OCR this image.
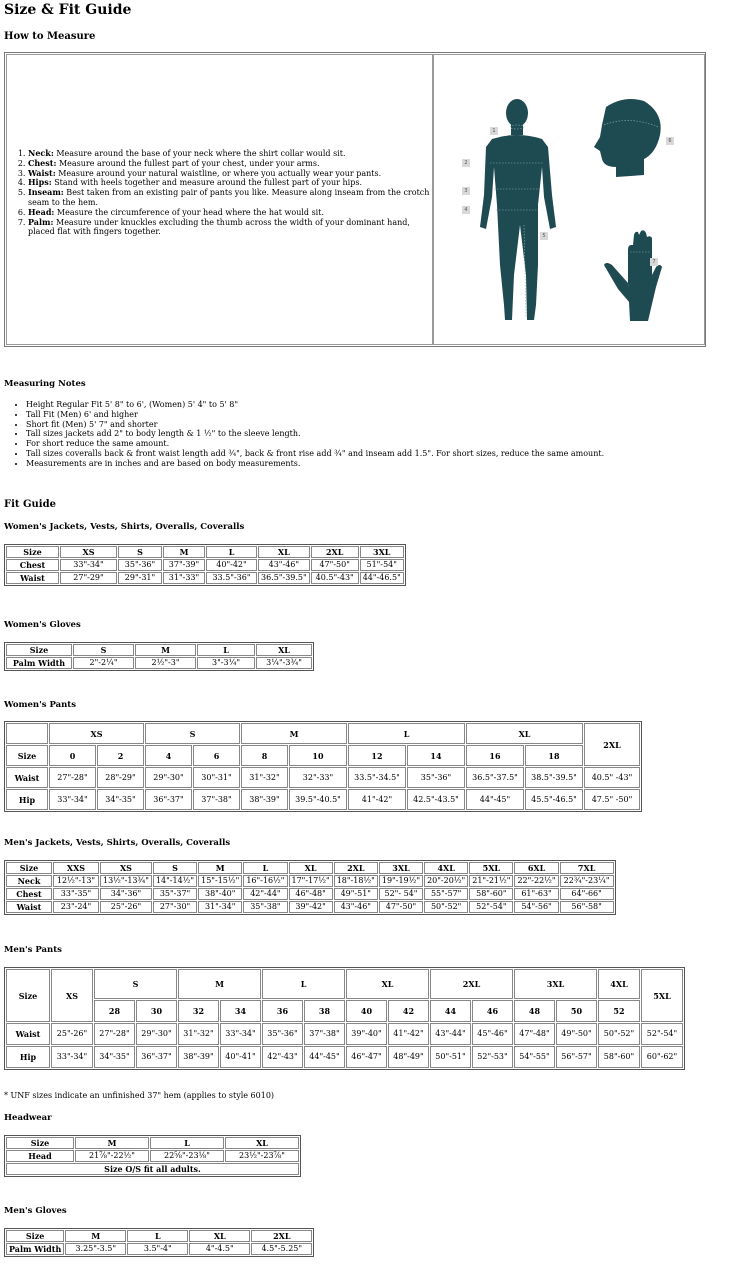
Size & Fit Guide
How to Measure
1
2
3
4
5
6
7
1. Neck: Measure around the base of your neck where the shirt collar would sit.
2. Chest: Measure around the fullest part of your chest, under your arms.
3. Waist: Measure around your natural waistline, or where you actually wear your pants.
4. Hips: Stand with heels together and measure around the fullest part of your hips.
5. Inseam: Best taken from an existing pair of pants you like. Measure along inseam from the crotch seam to the hem.
6. Head: Measure the circumference of your head where the hat would sit.
7. Palm: Measure under knuckles excluding the thumb across the width of your dominant hand, placed flat with fingers together.
Measuring Notes
• Height Regular Fit 5' 8" to 6', (Women) 5' 4" to 5' 8"
• Tall Fit (Men) 6' and higher
• Short fit (Men) 5' 7" and shorter
• Tall sizes jackets add 2" to body length & 1 ½" to the sleeve length.
• For short reduce the same amount.
• Tall sizes coveralls back & front waist length add ¾", back & front rise add ¾" and inseam add 1.5". For short sizes, reduce the same amount.
• Measurements are in inches and are based on body measurements.
Fit Guide
Women's Jackets, Vests, Shirts, Overalls, Coveralls
Size	XS	S	M	L	XL	2XL	3XL
Chest	33"-34"	35"-36"	37"-39"	40"-42"	43"-46"	47"-50"	51"-54"
Waist	27"-29"	29"-31"	31"-33"	33.5"-36"	36.5"-39.5"	40.5"-43"	44"-46.5"
Women's Gloves
Size	S	M	L	XL
Palm Width	2"-2¼"	2½"-3"	3"-3¼"	3¼"-3¾"
Women's Pants
	XS		S		M		L		XL		2XL
Size	0	2	4	6	8	10	12	14	16	18	
Waist	27"-28"	28"-29"	29"-30"	30"-31"	31"-32"	32"-33"	33.5"-34.5"	35"-36"	36.5"-37.5"	38.5"-39.5"	40.5" -43"
Hip	33"-34"	34"-35"	36"-37"	37"-38"	38"-39"	39.5"-40.5"	41"-42"	42.5"-43.5"	44"-45"	45.5"-46.5"	47.5" -50"
Men's Jackets, Vests, Shirts, Overalls, Coveralls
Size	XXS	XS	S	M	L	XL	2XL	3XL	4XL	5XL	6XL	7XL
Neck	12½"-13"	13½"-13¾"	14"-14½"	15"-15½"	16"-16½"	17"-17½"	18"-18½"	19"-19½"	20"-20½"	21"-21½"	22"-22½"	22¾"-23¼"
Chest	33"-35"	34"-36"	35"-37"	38"-40"	42"-44"	46"-48"	49"-51"	52"- 54"	55"-57"	58"-60"	61"-63"	64"-66"
Waist	23"-24"	25"-26"	27"-30"	31"-34"	35"-38"	39"-42"	43"-46"	47"-50"	50"-52"	52"-54"	54"-56"	56"-58"
Men's Pants
Size	XS	S		M		L		XL		2XL		3XL		4XL	5XL
		28	30	32	34	36	38	40	42	44	46	48	50	52	
Waist	25"-26"	27"-28"	29"-30"	31"-32"	33"-34"	35"-36"	37"-38"	39"-40"	41"-42"	43"-44"	45"-46"	47"-48"	49"-50"	50"-52"	52"-54"
Hip	33"-34"	34"-35"	36"-37"	38"-39"	40"-41"	42"-43"	44"-45"	46"-47"	48"-49"	50"-51"	52"-53"	54"-55"	56"-57"	58"-60"	60"-62"
* UNF sizes indicate an unfinished 37" hem (applies to style 6010)
Headwear
Size	M	L	XL
Head	21⅞"-22½"	22⅝"-23⅛"	23½"-23⅞"
Size O/S fit all adults.			
Men's Gloves
Size	M	L	XL	2XL
Palm Width	3.25"-3.5"	3.5"-4"	4"-4.5"	4.5"-5.25"
